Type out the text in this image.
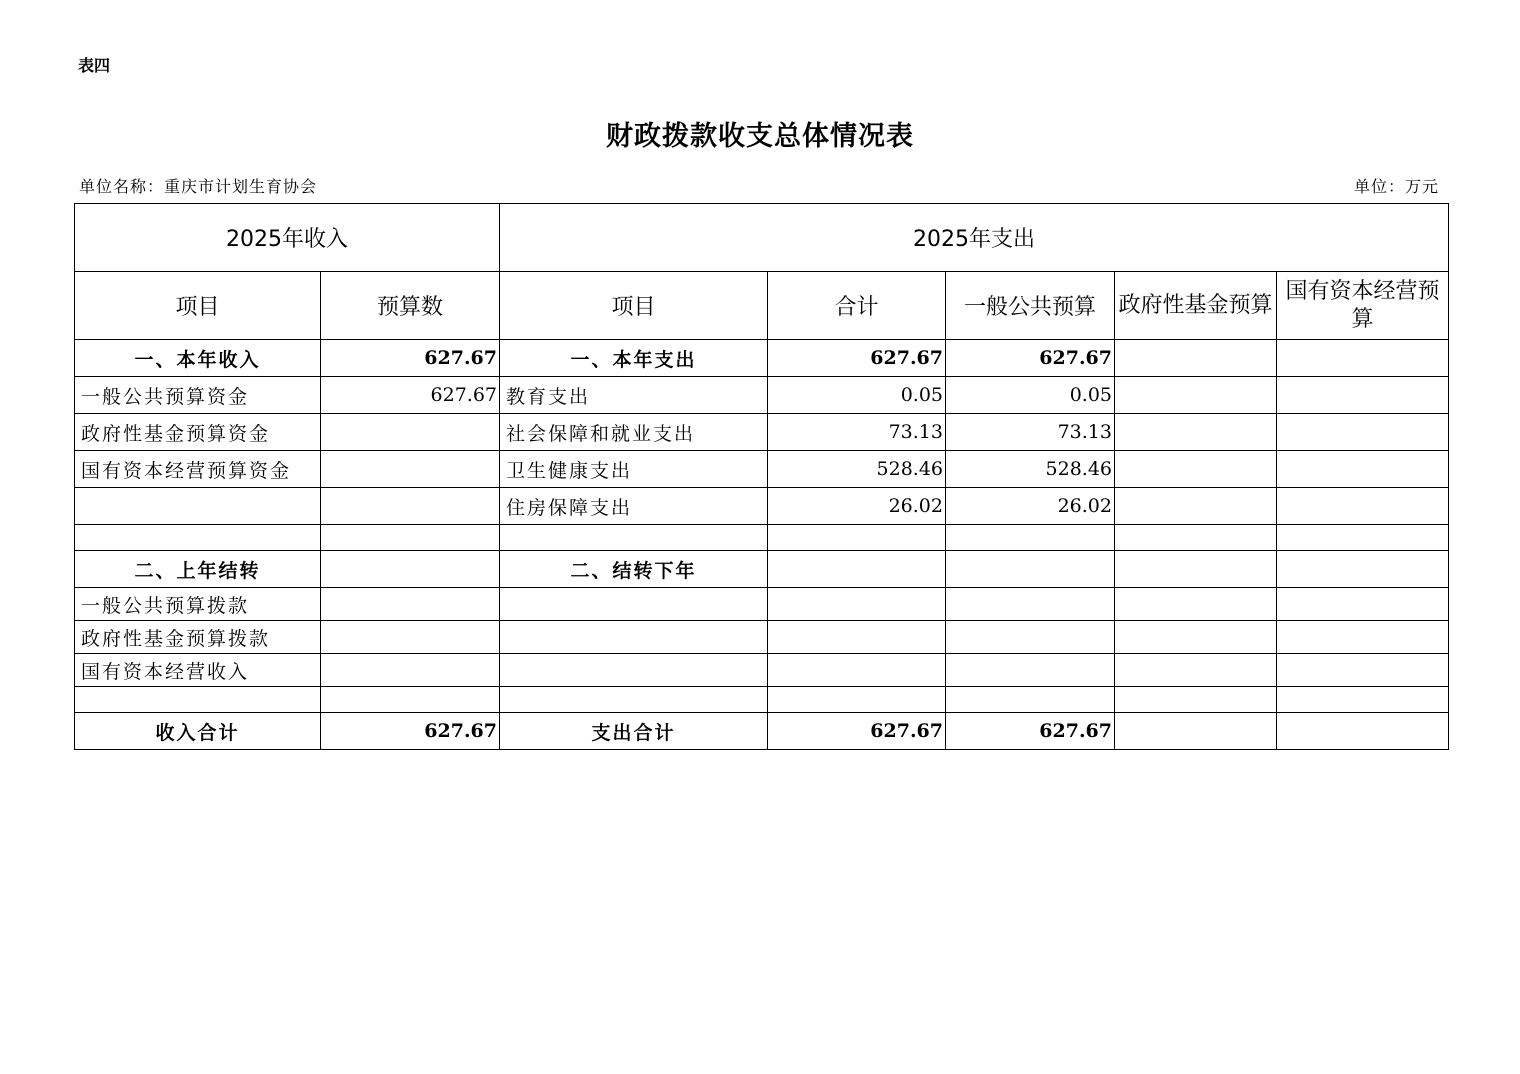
表四
财政拨款收支总体情况表
单位名称：重庆市计划生育协会	单位：万元
2025年收入		2025年支出				
项目	预算数	项目	合计	一般公共预算	政府性基金预算	国有资本经营预算
一、本年收入	627.67	一、本年支出	627.67	627.67		
一般公共预算资金	627.67	教育支出	0.05	0.05		
政府性基金预算资金		社会保障和就业支出	73.13	73.13		
国有资本经营预算资金		卫生健康支出	528.46	528.46		
		住房保障支出	26.02	26.02		

二、上年结转		二、结转下年				
一般公共预算拨款						
政府性基金预算拨款						
国有资本经营收入						

收入合计	627.67	支出合计	627.67	627.67		
